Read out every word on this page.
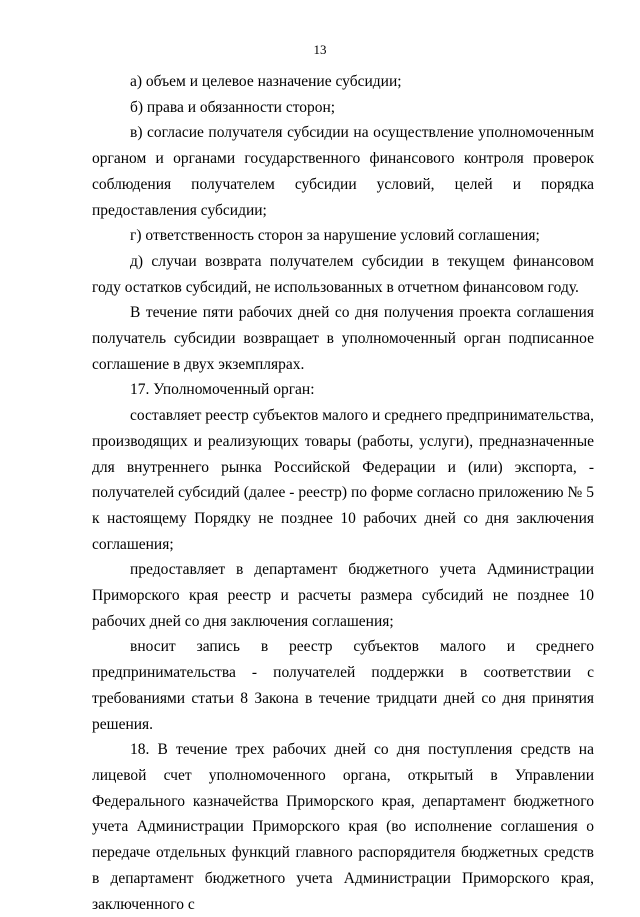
13

а) объем и целевое назначение субсидии;

б) права и обязанности сторон;

в) согласие получателя субсидии на осуществление уполномоченным органом и органами государственного финансового контроля проверок соблюдения получателем субсидии условий, целей и порядка предоставления субсидии;

г) ответственность сторон за нарушение условий соглашения;

д) случаи возврата получателем субсидии в текущем финансовом году остатков субсидий, не использованных в отчетном финансовом году.

В течение пяти рабочих дней со дня получения проекта соглашения получатель субсидии возвращает в уполномоченный орган подписанное соглашение в двух экземплярах.

17. Уполномоченный орган:

составляет реестр субъектов малого и среднего предпринимательства, производящих и реализующих товары (работы, услуги), предназначенные для внутреннего рынка Российской Федерации и (или) экспорта, - получателей субсидий (далее - реестр) по форме согласно приложению № 5 к настоящему Порядку не позднее 10 рабочих дней со дня заключения соглашения;

предоставляет в департамент бюджетного учета Администрации Приморского края реестр и расчеты размера субсидий не позднее 10 рабочих дней со дня заключения соглашения;

вносит запись в реестр субъектов малого и среднего предпринимательства - получателей поддержки в соответствии с требованиями статьи 8 Закона в течение тридцати дней со дня принятия решения.

18. В течение трех рабочих дней со дня поступления средств на лицевой счет уполномоченного органа, открытый в Управлении Федерального казначейства Приморского края, департамент бюджетного учета Администрации Приморского края (во исполнение соглашения о передаче отдельных функций главного распорядителя бюджетных средств в департамент бюджетного учета Администрации Приморского края, заключенного с
